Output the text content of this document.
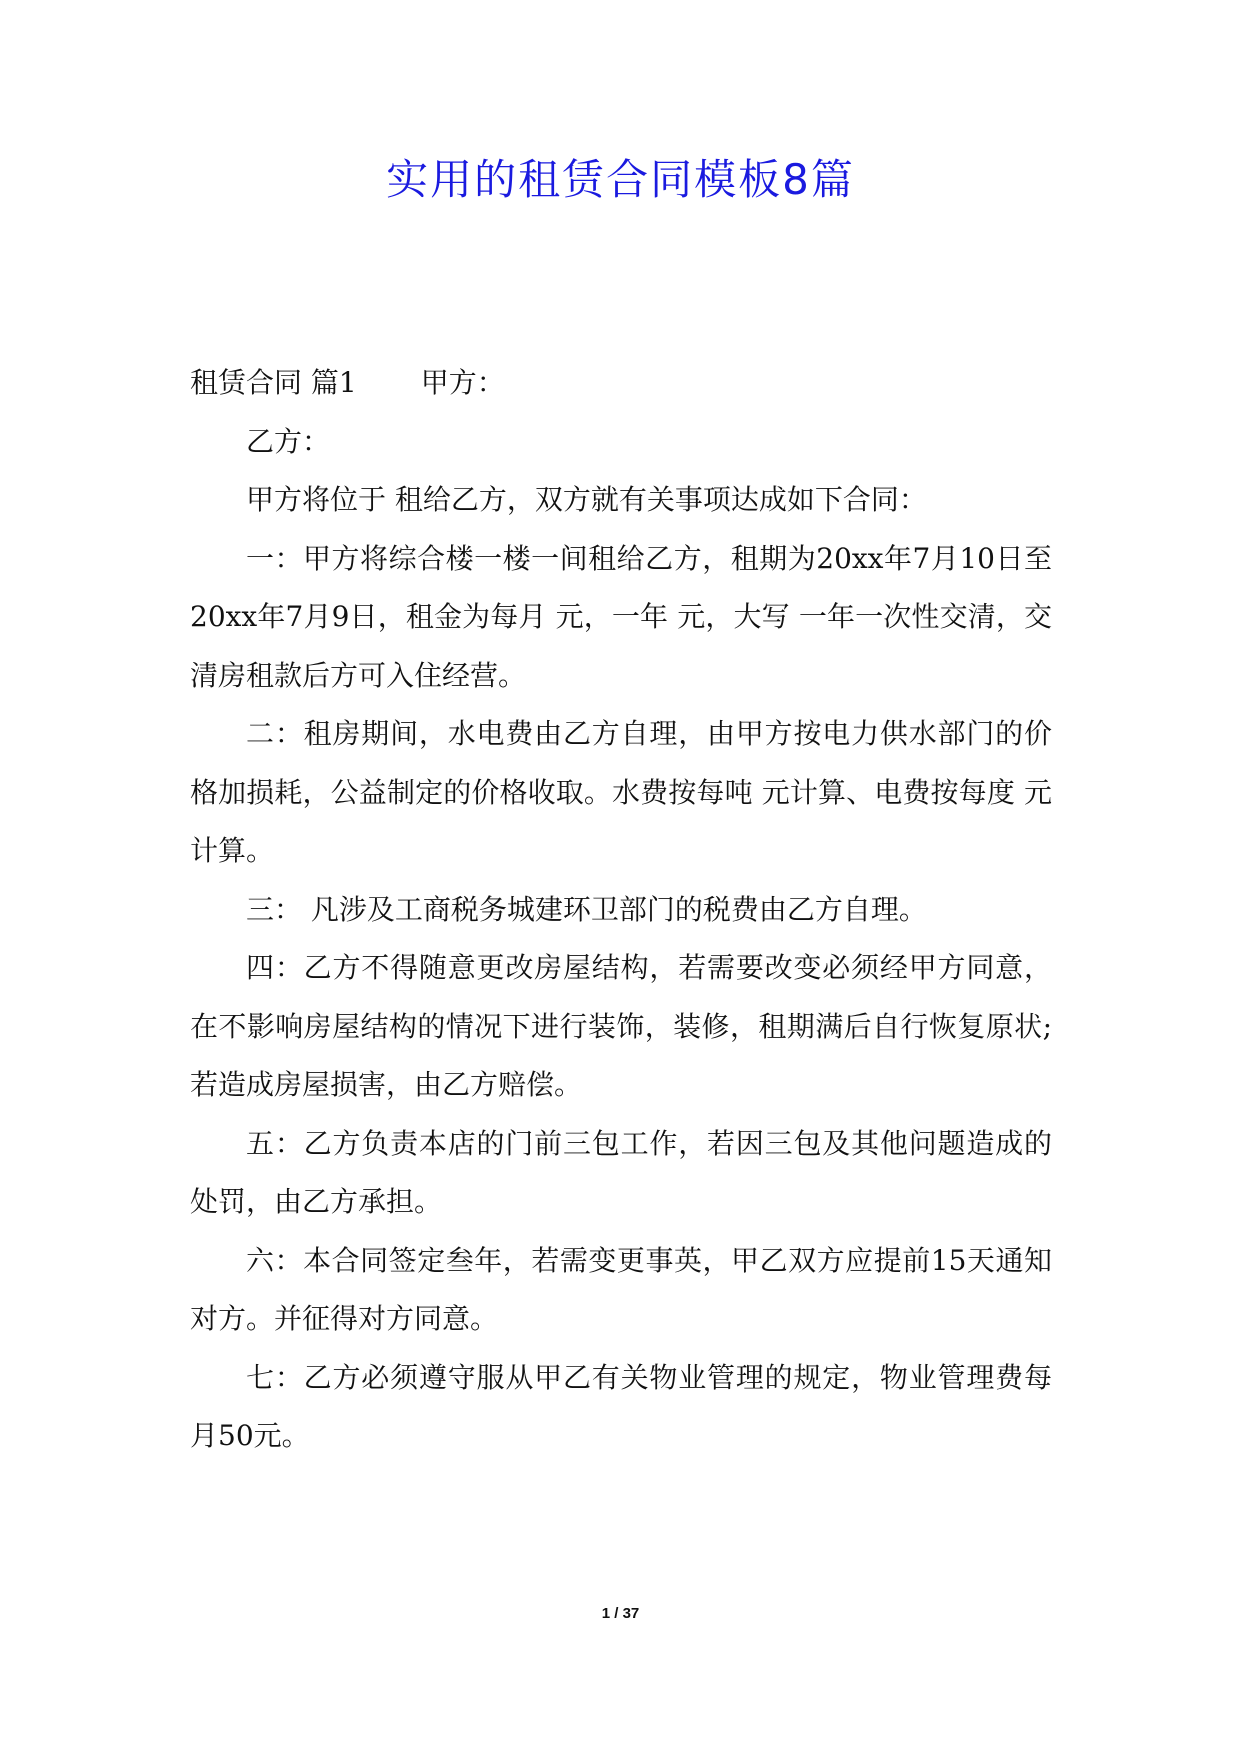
实用的租赁合同模板8篇

租赁合同 篇1 甲方：

乙方：

甲方将位于 租给乙方，双方就有关事项达成如下合同：

一：甲方将综合楼一楼一间租给乙方，租期为20xx年7月10日至20xx年7月9日，租金为每月 元，一年 元，大写 一年一次性交清，交清房租款后方可入住经营。

二：租房期间，水电费由乙方自理，由甲方按电力供水部门的价格加损耗，公益制定的价格收取。水费按每吨 元计算、电费按每度 元计算。

三： 凡涉及工商税务城建环卫部门的税费由乙方自理。

四：乙方不得随意更改房屋结构，若需要改变必须经甲方同意，在不影响房屋结构的情况下进行装饰，装修，租期满后自行恢复原状;若造成房屋损害，由乙方赔偿。

五：乙方负责本店的门前三包工作，若因三包及其他问题造成的处罚，由乙方承担。

六：本合同签定叁年，若需变更事英，甲乙双方应提前15天通知对方。并征得对方同意。

七：乙方必须遵守服从甲乙有关物业管理的规定，物业管理费每月50元。

1 / 37
